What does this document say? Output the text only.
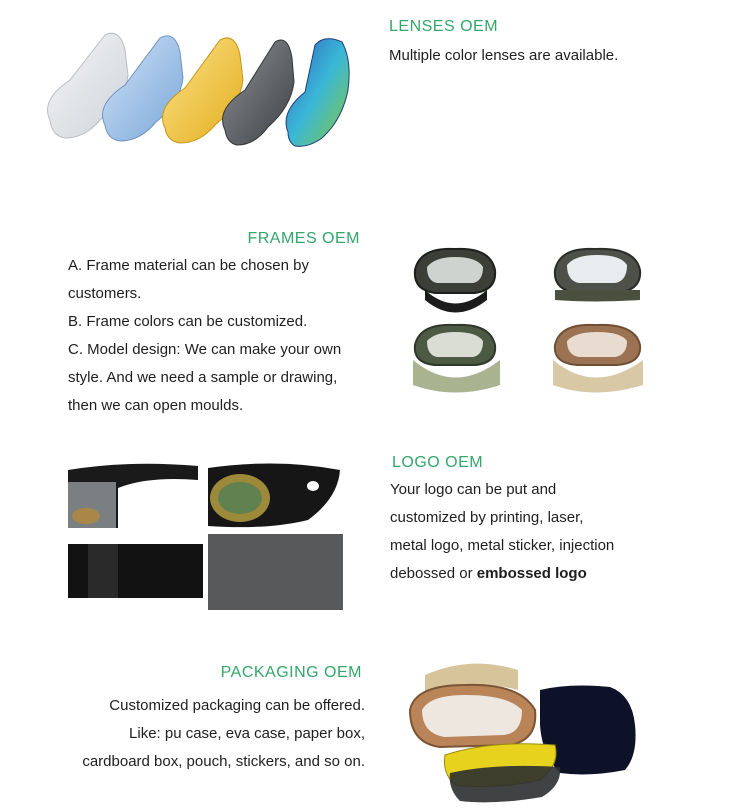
LENSES OEM
Multiple color lenses are available.
FRAMES OEM
A. Frame material can be chosen by
customers.
B. Frame colors can be customized.
C. Model design: We can make your own
style. And we need a sample or drawing,
then we can open moulds.
LOGO OEM
Your logo can be put and
customized by printing, laser,
metal logo, metal sticker, injection
debossed or embossed logo
PACKAGING OEM
Customized packaging can be offered.
Like: pu case, eva case, paper box,
cardboard box, pouch, stickers, and so on.
